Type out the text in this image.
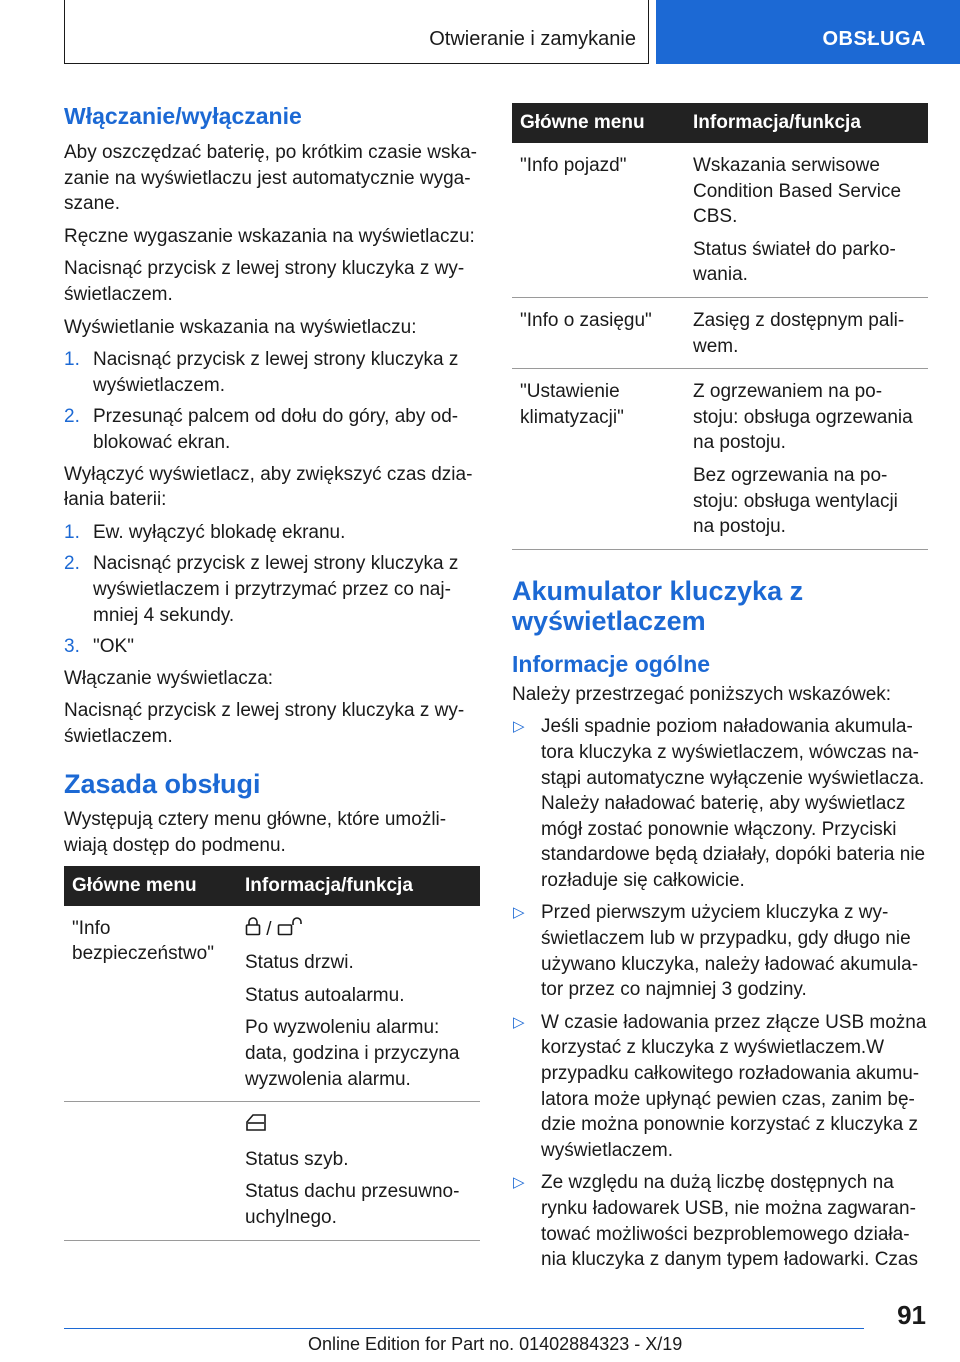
Otwieranie i zamykanie	OBSŁUGA
Włączanie/wyłączanie

Aby oszczędzać baterię, po krótkim czasie wskazanie na wyświetlaczu jest automatycznie wygaszane.

Ręczne wygaszanie wskazania na wyświetlaczu:

Nacisnąć przycisk z lewej strony kluczyka z wyświetlaczem.

Wyświetlanie wskazania na wyświetlaczu:

1. Nacisnąć przycisk z lewej strony kluczyka z wyświetlaczem.
2. Przesunąć palcem od dołu do góry, aby odblokować ekran.

Wyłączyć wyświetlacz, aby zwiększyć czas działania baterii:

1. Ew. wyłączyć blokadę ekranu.
2. Nacisnąć przycisk z lewej strony kluczyka z wyświetlaczem i przytrzymać przez co najmniej 4 sekundy.
3. "OK"

Włączanie wyświetlacza:

Nacisnąć przycisk z lewej strony kluczyka z wyświetlaczem.

Zasada obsługi

Występują cztery menu główne, które umożliwiają dostęp do podmenu.

Główne menu	Informacja/funkcja
"Info bezpieczeństwo"	/
Status drzwi.
Status autoalarmu.
Po wyzwoleniu alarmu: data, godzina i przyczyna wyzwolenia alarmu.

	Status szyb.
Status dachu przesuwno-uchylnego.
Główne menu	Informacja/funkcja
"Info pojazd"	Wskazania serwisowe Condition Based Service CBS.
Status świateł do parkowania.

"Info o zasięgu"	Zasięg z dostępnym paliwem.

"Ustawienie klimatyzacji"	Z ogrzewaniem na postoju: obsługa ogrzewania na postoju.
Bez ogrzewania na postoju: obsługa wentylacji na postoju.
Akumulator kluczyka z wyświetlaczem
Informacje ogólne

Należy przestrzegać poniższych wskazówek:

▷ Jeśli spadnie poziom naładowania akumulatora kluczyka z wyświetlaczem, wówczas nastąpi automatyczne wyłączenie wyświetlacza. Należy naładować baterię, aby wyświetlacz mógł zostać ponownie włączony. Przyciski standardowe będą działały, dopóki bateria nie rozładuje się całkowicie.
▷ Przed pierwszym użyciem kluczyka z wyświetlaczem lub w przypadku, gdy długo nie używano kluczyka, należy ładować akumulator przez co najmniej 3 godziny.
▷ W czasie ładowania przez złącze USB można korzystać z kluczyka z wyświetlaczem.W przypadku całkowitego rozładowania akumulatora może upłynąć pewien czas, zanim będzie można ponownie korzystać z kluczyka z wyświetlaczem.
▷ Ze względu na dużą liczbę dostępnych na rynku ładowarek USB, nie można zagwarantować możliwości bezproblemowego działania kluczyka z danym typem ładowarki. Czas
91
Online Edition for Part no. 01402884323 - X/19
